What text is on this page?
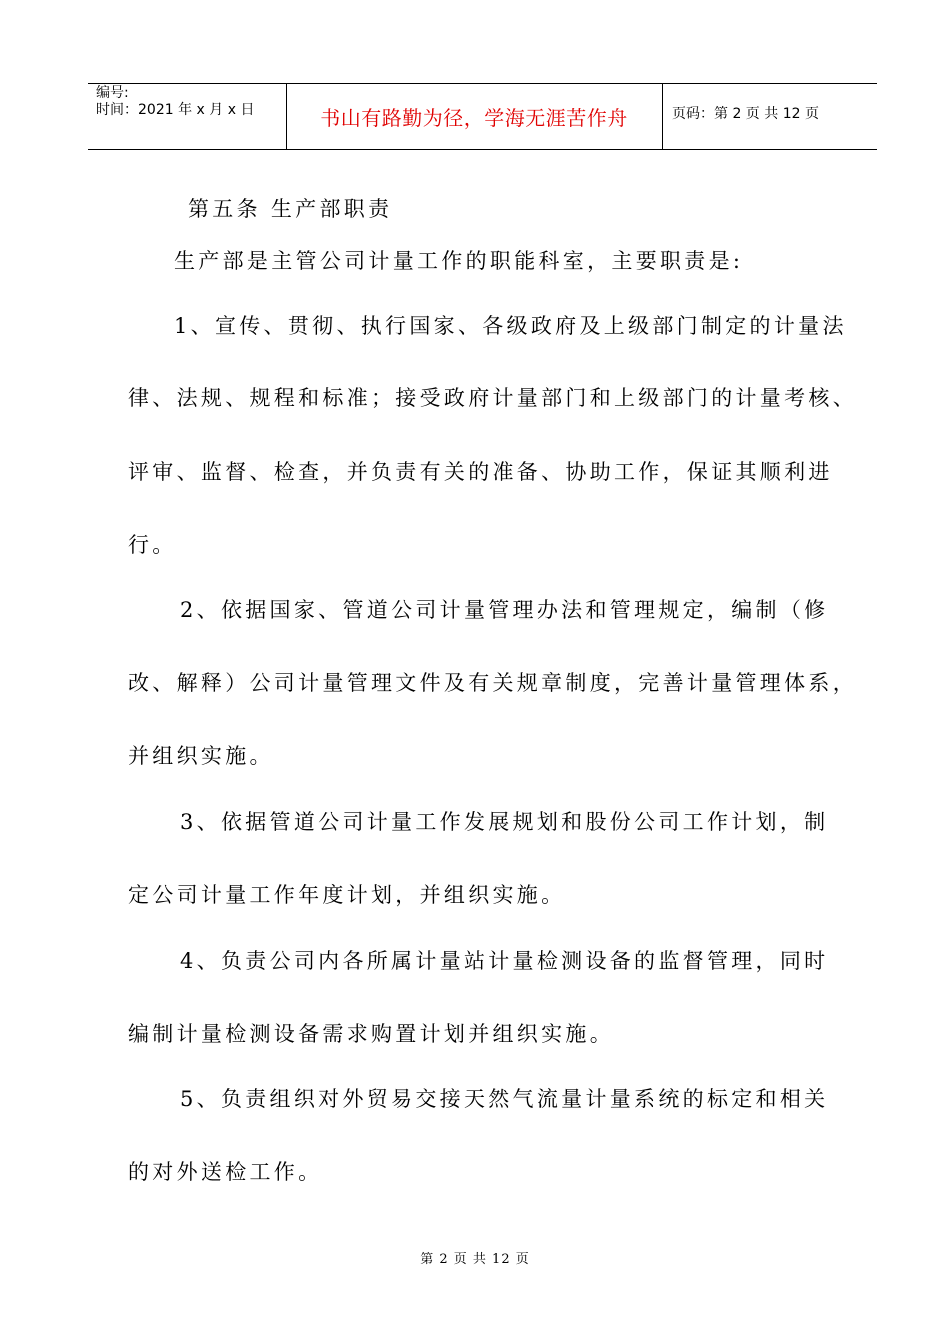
编号:
时间：2021 年 x 月 x 日	书山有路勤为径，学海无涯苦作舟	页码：第 2 页 共 12 页
第五条 生产部职责
生产部是主管公司计量工作的职能科室，主要职责是:
1、宣传、贯彻、执行国家、各级政府及上级部门制定的计量法
律、法规、规程和标准；接受政府计量部门和上级部门的计量考核、
评审、监督、检查，并负责有关的准备、协助工作，保证其顺利进
行。
2、依据国家、管道公司计量管理办法和管理规定，编制（修
改、解释）公司计量管理文件及有关规章制度，完善计量管理体系，
并组织实施。
3、依据管道公司计量工作发展规划和股份公司工作计划，制
定公司计量工作年度计划，并组织实施。
4、负责公司内各所属计量站计量检测设备的监督管理，同时
编制计量检测设备需求购置计划并组织实施。
5、负责组织对外贸易交接天然气流量计量系统的标定和相关
的对外送检工作。
第 2 页 共 12 页
